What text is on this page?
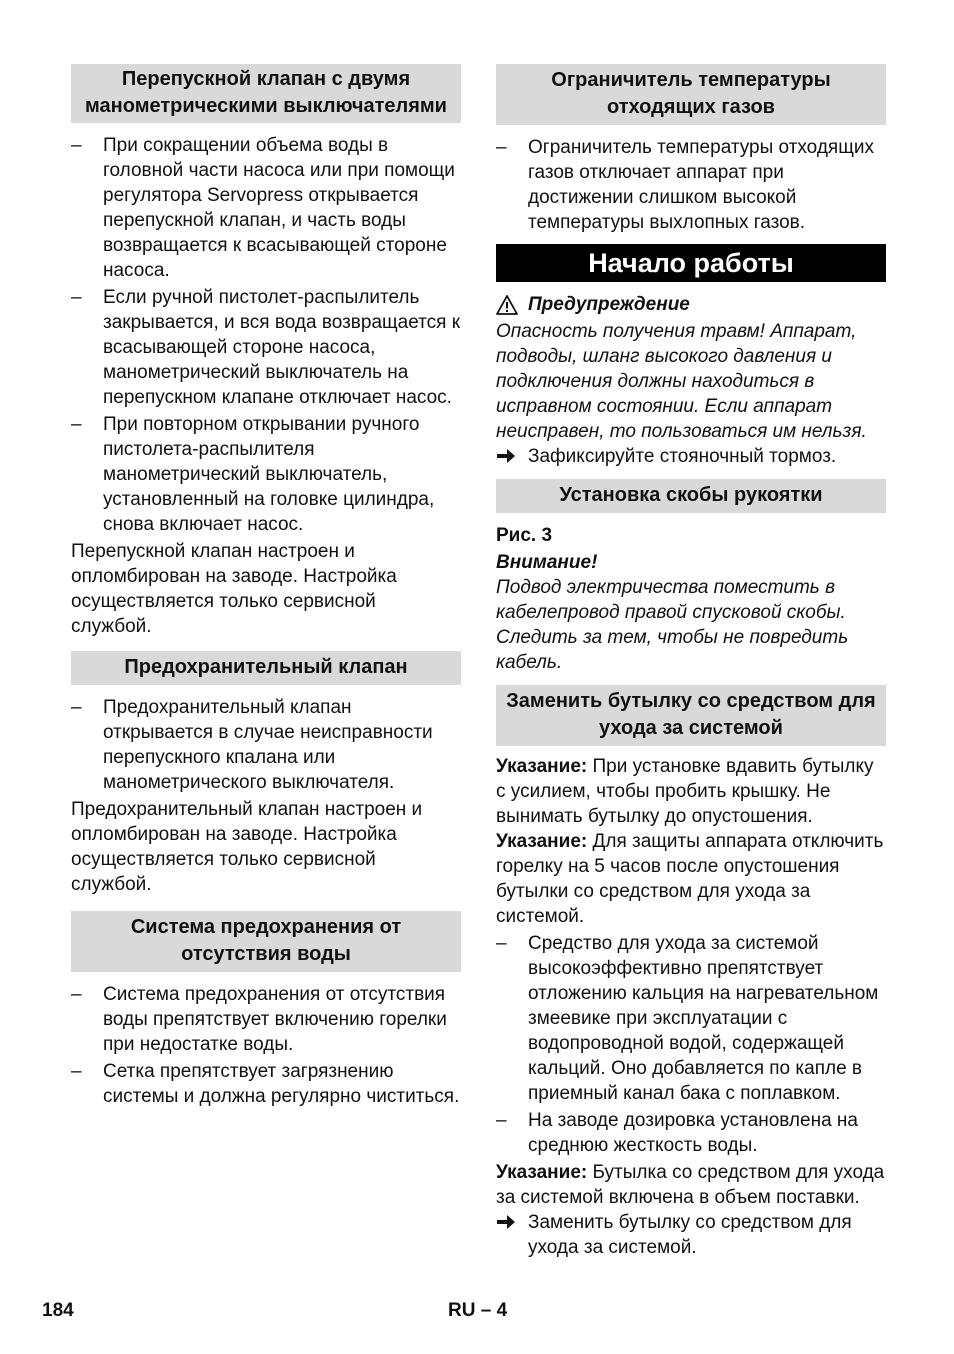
Перепускной клапан с двумя манометрическими выключателями
– При сокращении объема воды в головной части насоса или при помощи регулятора Servopress открывается перепускной клапан, и часть воды возвращается к всасывающей стороне насоса.
– Если ручной пистолет-распылитель закрывается, и вся вода возвращается к всасывающей стороне насоса, манометрический выключатель на перепускном клапане отключает насос.
– При повторном открывании ручного пистолета-распылителя манометрический выключатель, установленный на головке цилиндра, снова включает насос.

Перепускной клапан настроен и опломбирован на заводе. Настройка осуществляется только сервисной службой.

Предохранительный клапан
– Предохранительный клапан открывается в случае неисправности перепускного кпалана или манометрического выключателя.

Предохранительный клапан настроен и опломбирован на заводе. Настройка осуществляется только сервисной службой.

Система предохранения от отсутствия воды
– Система предохранения от отсутствия воды препятствует включению горелки при недостатке воды.
– Сетка препятствует загрязнению системы и должна регулярно чиститься.
Ограничитель температуры отходящих газов
– Ограничитель температуры отходящих газов отключает аппарат при достижении слишком высокой температуры выхлопных газов.
Начало работы
Предупреждение

Опасность получения травм! Аппарат, подводы, шланг высокого давления и подключения должны находиться в исправном состоянии. Если аппарат неисправен, то пользоваться им нельзя.

Зафиксируйте стояночный тормоз.
Установка скобы рукоятки

Рис. 3

Внимание!

Подвод электричества поместить в кабелепровод правой спусковой скобы. Следить за тем, чтобы не повредить кабель.

Заменить бутылку со средством для ухода за системой

Указание: При установке вдавить бутылку с усилием, чтобы пробить крышку. Не вынимать бутылку до опустошения.

Указание: Для защиты аппарата отключить горелку на 5 часов после опустошения бутылки со средством для ухода за системой.

– Средство для ухода за системой высокоэффективно препятствует отложению кальция на нагревательном змеевике при эксплуатации с водопроводной водой, содержащей кальций. Оно добавляется по капле в приемный канал бака с поплавком.
– На заводе дозировка установлена на среднюю жесткость воды.

Указание: Бутылка со средством для ухода за системой включена в объем поставки.

Заменить бутылку со средством для ухода за системой.
184	RU – 4
